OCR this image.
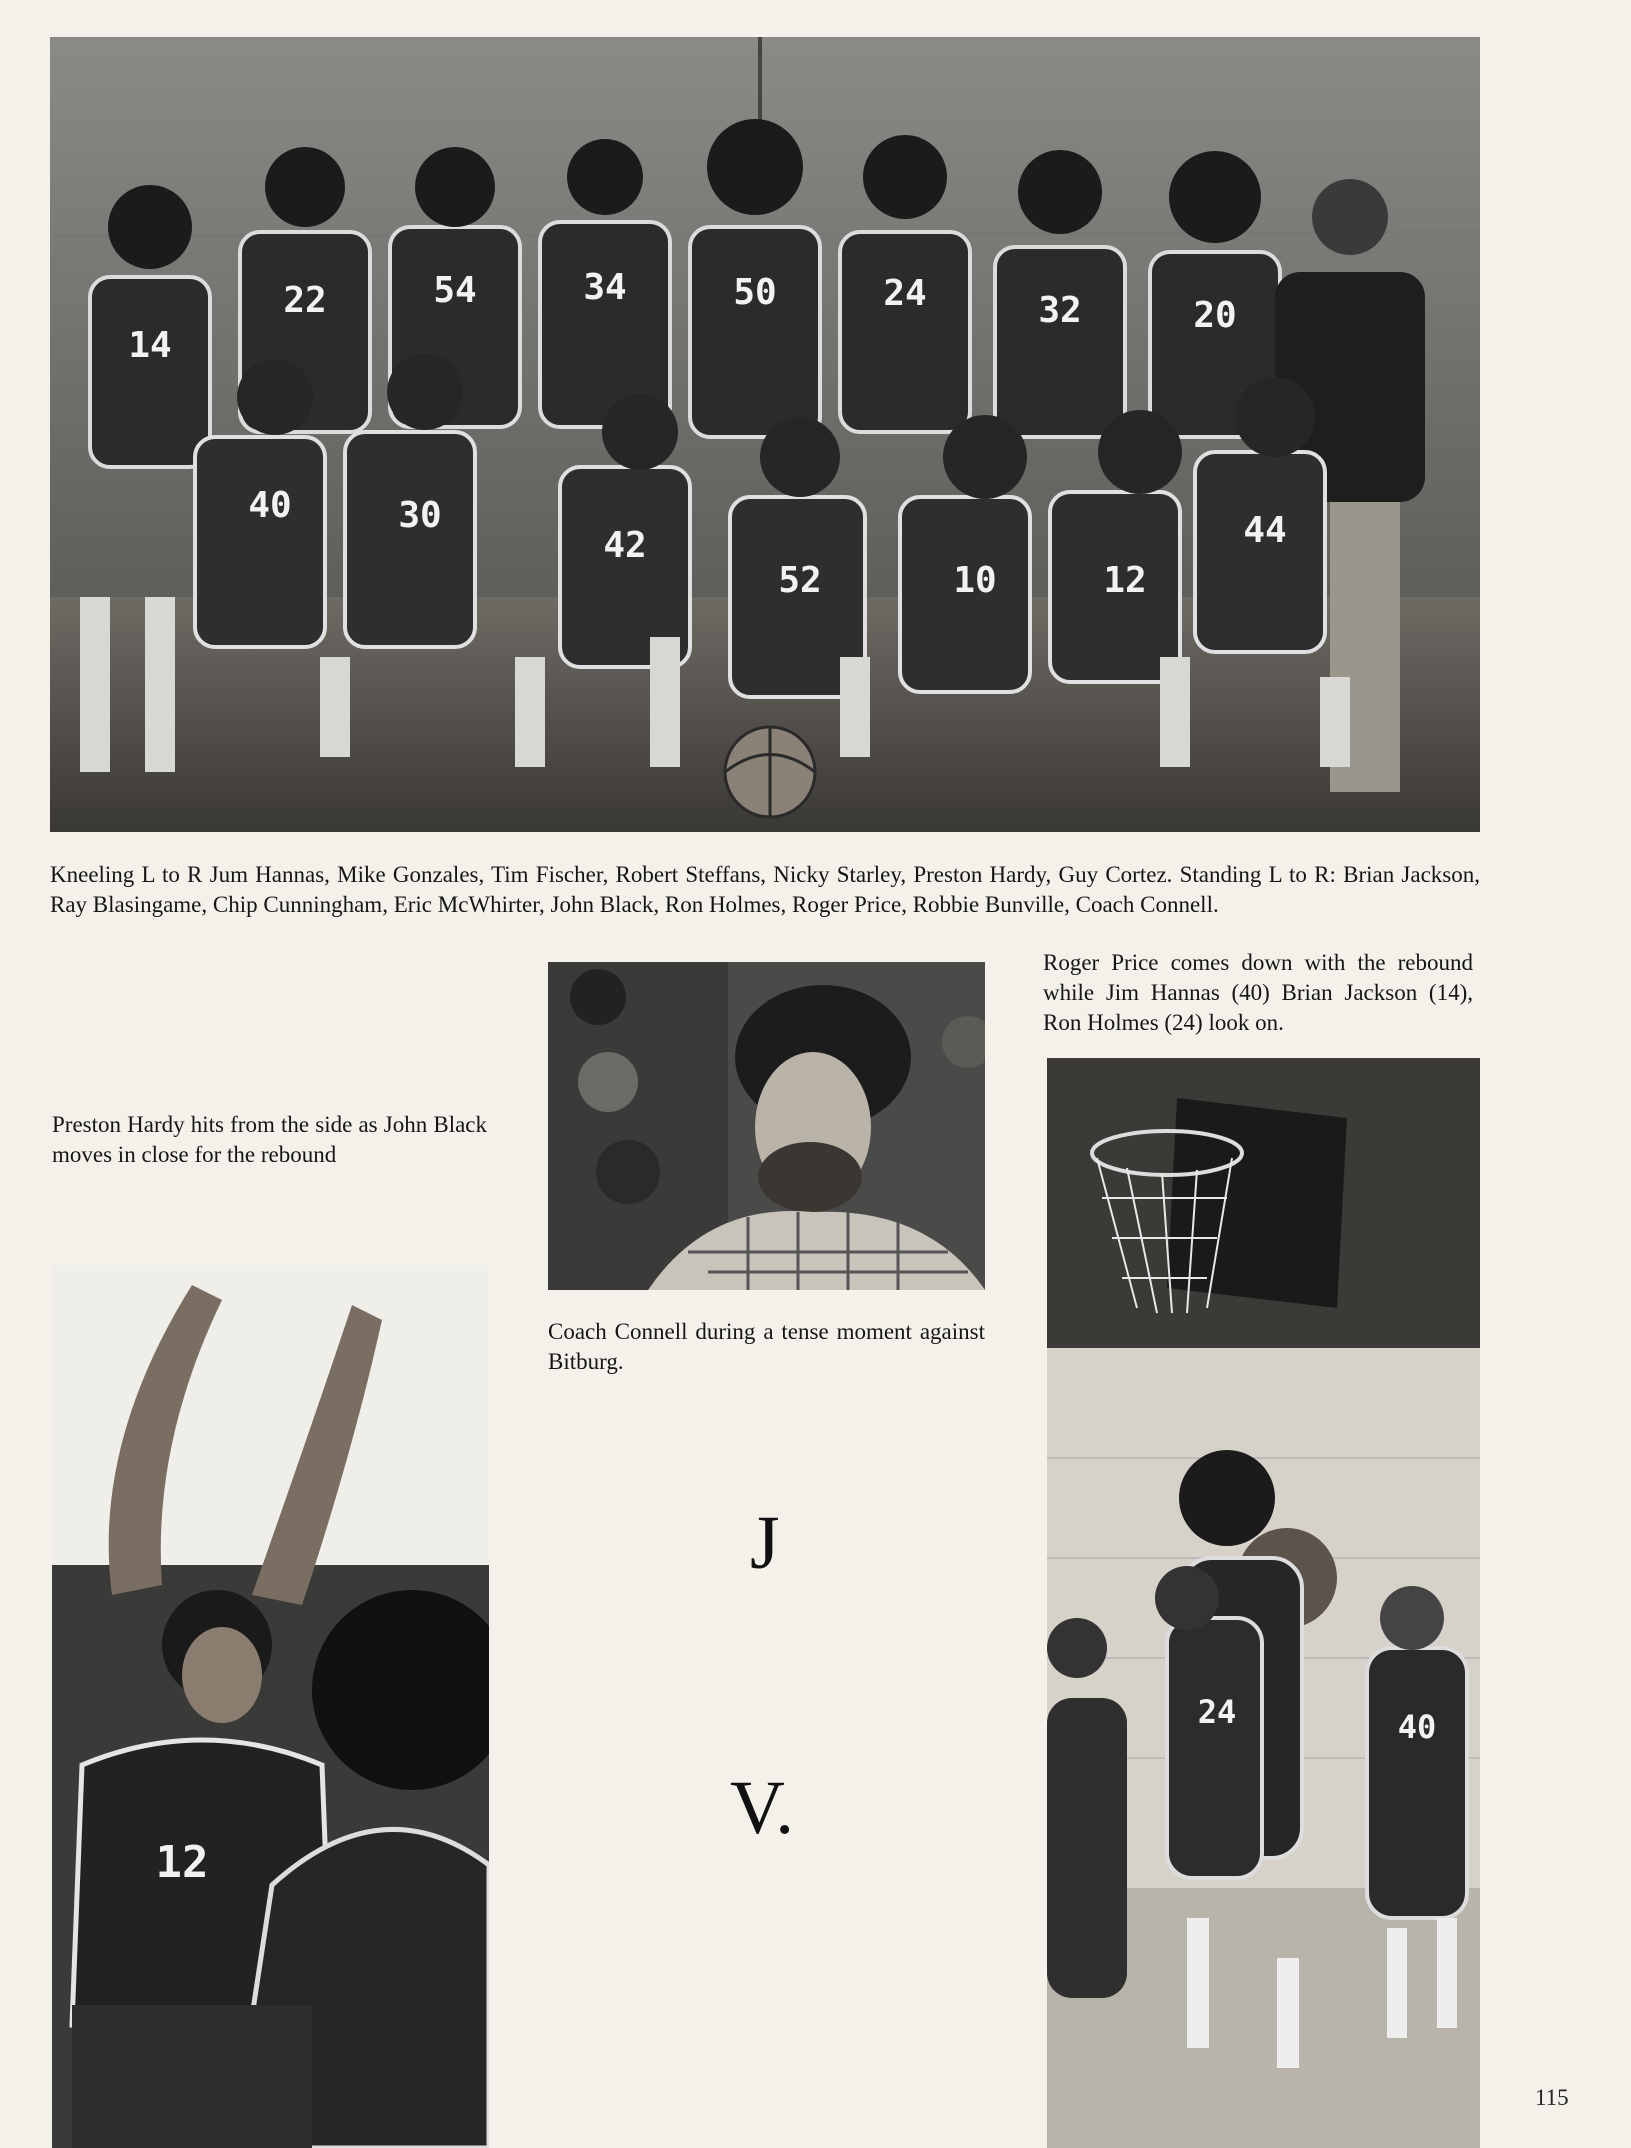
14
22	54	34	50	24	32	20
40	30
42
52	10	12
44

Kneeling L to R Jum Hannas, Mike Gonzales, Tim Fischer, Robert Steffans, Nicky Starley, Preston Hardy, Guy Cortez. Standing L to R: Brian Jackson, Ray Blasingame, Chip Cunningham, Eric McWhirter, John Black, Ron Holmes, Roger Price, Robbie Bunville, Coach Connell.

Coach Connell during a tense moment against Bitburg.

Roger Price comes down with the rebound while Jim Hannas (40) Brian Jackson (14), Ron Holmes (24) look on.

24	40

Preston Hardy hits from the side as John Black moves in close for the rebound

12

J

V.

115
